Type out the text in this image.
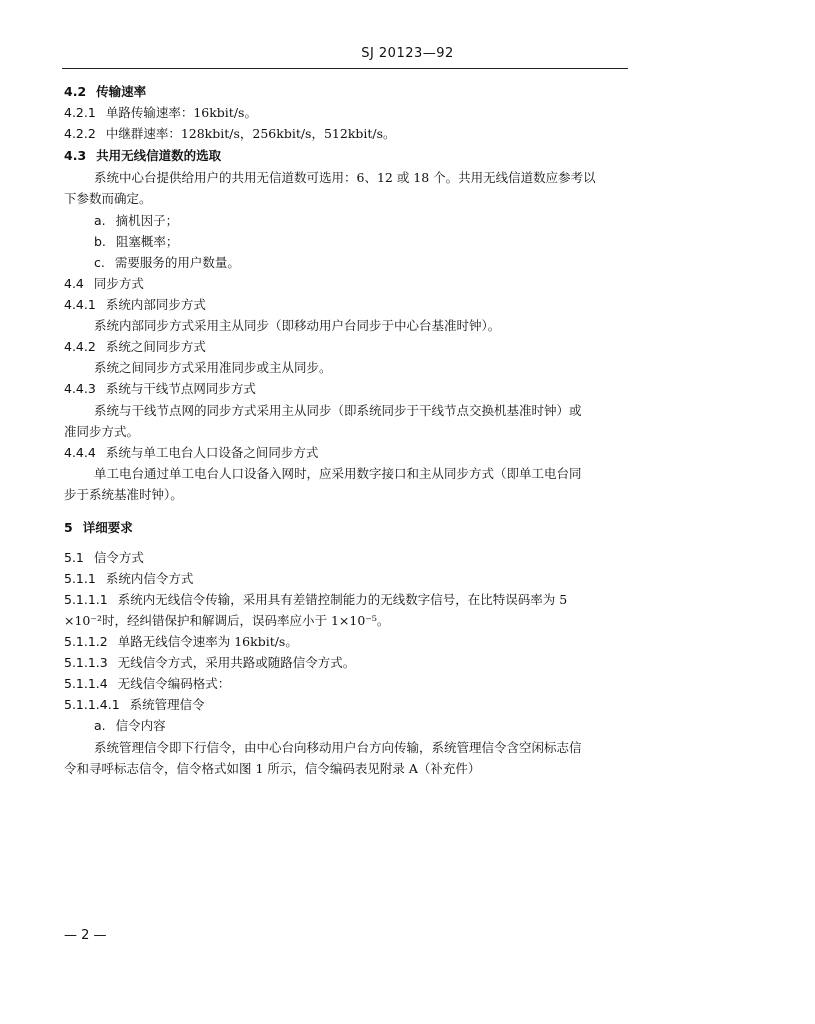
SJ 20123—92
4.2 传输速率
4.2.1 单路传输速率：16kbit/s。
4.2.2 中继群速率：128kbit/s，256kbit/s，512kbit/s。
4.3 共用无线信道数的选取
系统中心台提供给用户的共用无信道数可选用：6、12 或 18 个。共用无线信道数应参考以
下参数而确定。
a. 摘机因子；
b. 阻塞概率；
c. 需要服务的用户数量。
4.4 同步方式
4.4.1 系统内部同步方式
系统内部同步方式采用主从同步（即移动用户台同步于中心台基准时钟）。
4.4.2 系统之间同步方式
系统之间同步方式采用准同步或主从同步。
4.4.3 系统与干线节点网同步方式
系统与干线节点网的同步方式采用主从同步（即系统同步于干线节点交换机基准时钟）或
准同步方式。
4.4.4 系统与单工电台人口设备之间同步方式
单工电台通过单工电台人口设备入网时，应采用数字接口和主从同步方式（即单工电台同
步于系统基准时钟）。
5 详细要求
5.1 信令方式
5.1.1 系统内信令方式
5.1.1.1 系统内无线信令传输，采用具有差错控制能力的无线数字信号，在比特误码率为 5
×10⁻²时，经纠错保护和解调后，误码率应小于 1×10⁻⁵。
5.1.1.2 单路无线信令速率为 16kbit/s。
5.1.1.3 无线信令方式，采用共路或随路信令方式。
5.1.1.4 无线信令编码格式：
5.1.1.4.1 系统管理信令
a. 信令内容
系统管理信令即下行信令，由中心台向移动用户台方向传输，系统管理信令含空闲标志信
令和寻呼标志信令，信令格式如图 1 所示，信令编码表见附录 A（补充件）
— 2 —
